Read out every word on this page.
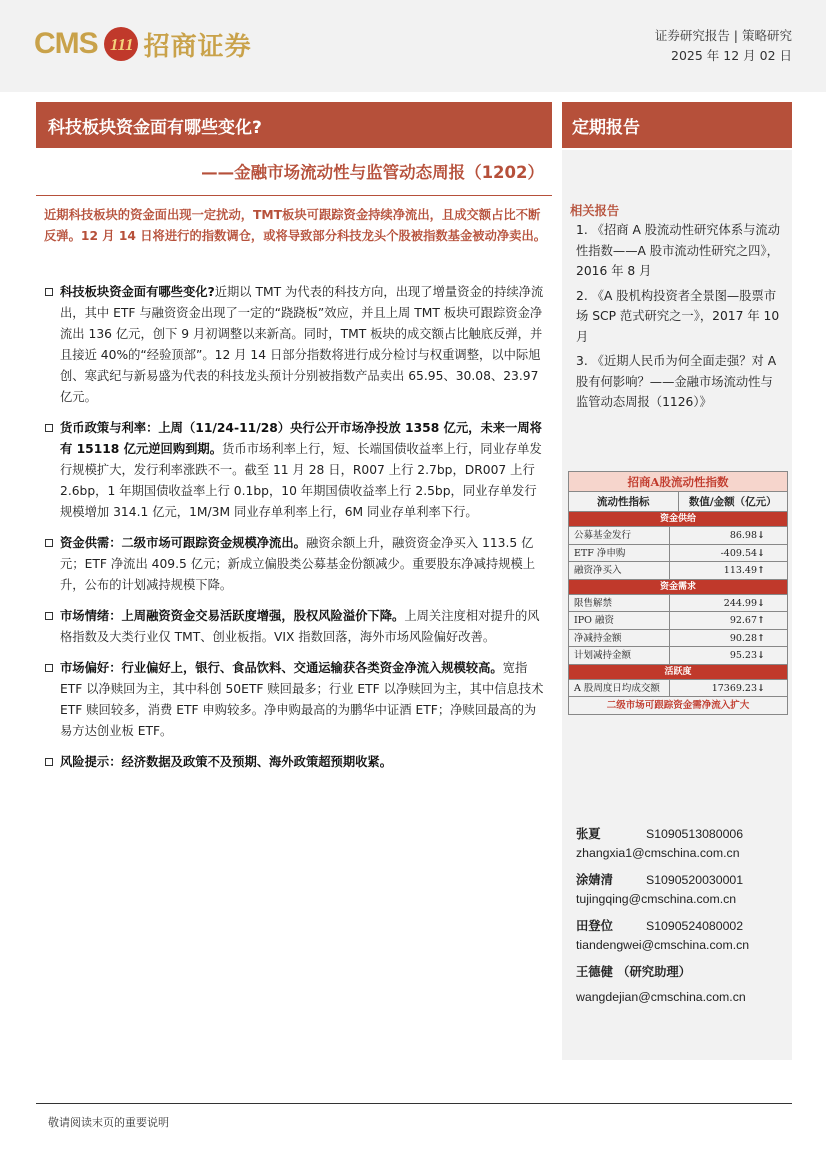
CMS 111 招商证券	证券研究报告 | 策略研究
2025 年 12 月 02 日
科技板块资金面有哪些变化?
——金融市场流动性与监管动态周报（1202）
定期报告
近期科技板块的资金面出现一定扰动，TMT板块可跟踪资金持续净流出，且成交额占比不断反弹。12 月 14 日将进行的指数调仓，或将导致部分科技龙头个股被指数基金被动净卖出。
科技板块资金面有哪些变化?近期以 TMT 为代表的科技方向，出现了增量资金的持续净流出，其中 ETF 与融资资金出现了一定的“跷跷板”效应，并且上周 TMT 板块可跟踪资金净流出 136 亿元，创下 9 月初调整以来新高。同时，TMT 板块的成交额占比触底反弹，并且接近 40%的“经验顶部”。12 月 14 日部分指数将进行成分检讨与权重调整，以中际旭创、寒武纪与新易盛为代表的科技龙头预计分别被指数产品卖出 65.95、30.08、23.97 亿元。
货币政策与利率：上周（11/24-11/28）央行公开市场净投放 1358 亿元，未来一周将有 15118 亿元逆回购到期。货币市场利率上行，短、长端国债收益率上行，同业存单发行规模扩大，发行利率涨跌不一。截至 11 月 28 日，R007 上行 2.7bp，DR007 上行 2.6bp，1 年期国债收益率上行 0.1bp，10 年期国债收益率上行 2.5bp，同业存单发行规模增加 314.1 亿元，1M/3M 同业存单利率上行，6M 同业存单利率下行。
资金供需：二级市场可跟踪资金规模净流出。融资余额上升，融资资金净买入 113.5 亿元；ETF 净流出 409.5 亿元；新成立偏股类公募基金份额减少。重要股东净减持规模上升，公布的计划减持规模下降。
市场情绪：上周融资资金交易活跃度增强，股权风险溢价下降。上周关注度相对提升的风格指数及大类行业仅 TMT、创业板指。VIX 指数回落，海外市场风险偏好改善。
市场偏好：行业偏好上，银行、食品饮料、交通运输获各类资金净流入规模较高。宽指 ETF 以净赎回为主，其中科创 50ETF 赎回最多；行业 ETF 以净赎回为主，其中信息技术 ETF 赎回较多，消费 ETF 申购较多。净申购最高的为鹏华中证酒 ETF；净赎回最高的为易方达创业板 ETF。
风险提示：经济数据及政策不及预期、海外政策超预期收紧。
相关报告
1. 《招商 A 股流动性研究体系与流动性指数——A 股市流动性研究之四》，2016 年 8 月
2. 《A 股机构投资者全景图—股票市场 SCP 范式研究之一》，2017 年 10 月
3. 《近期人民币为何全面走强？对 A 股有何影响？——金融市场流动性与监管动态周报（1126）》
招商A股流动性指数
流动性指标	数值/金额（亿元）
资金供给
公募基金发行	86.98↓
ETF 净申购	-409.54↓
融资净买入	113.49↑
资金需求
限售解禁	244.99↓
IPO 融资	92.67↑
净减持金额	90.28↑
计划减持金额	95.23↓
活跃度
A 股周度日均成交额	17369.23↓
二级市场可跟踪资金需净流入扩大
张夏	S1090513080006
zhangxia1@cmschina.com.cn
涂婧清	S1090520030001
tujingqing@cmschina.com.cn
田登位	S1090524080002
tiandengwei@cmschina.com.cn
王德健 （研究助理）
wangdejian@cmschina.com.cn
敬请阅读末页的重要说明
